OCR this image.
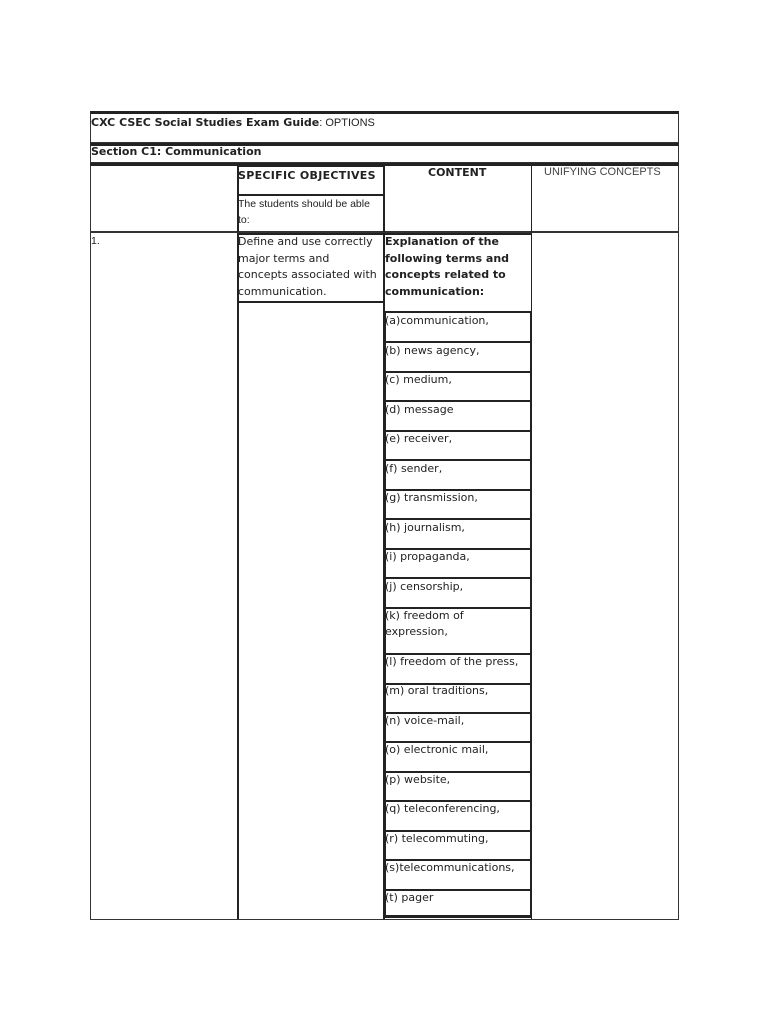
CXC CSEC Social Studies Exam Guide: OPTIONS
Section C1: Communication
SPECIFIC OBJECTIVES
The students should be able
to:
CONTENT	UNIFYING CONCEPTS
1.	Define and use correctly
major terms and
concepts associated with
communication.
Explanation of the
following terms and
concepts related to
communication:
(a)communication,
(b) news agency,
(c) medium,
(d) message
(e) receiver,
(f) sender,
(g) transmission,
(h) journalism,
(i) propaganda,
(j) censorship,
(k) freedom of
expression,
(l) freedom of the press,
(m) oral traditions,
(n) voice-mail,
(o) electronic mail,
(p) website,
(q) teleconferencing,
(r) telecommuting,
(s)telecommunications,
(t) pager
